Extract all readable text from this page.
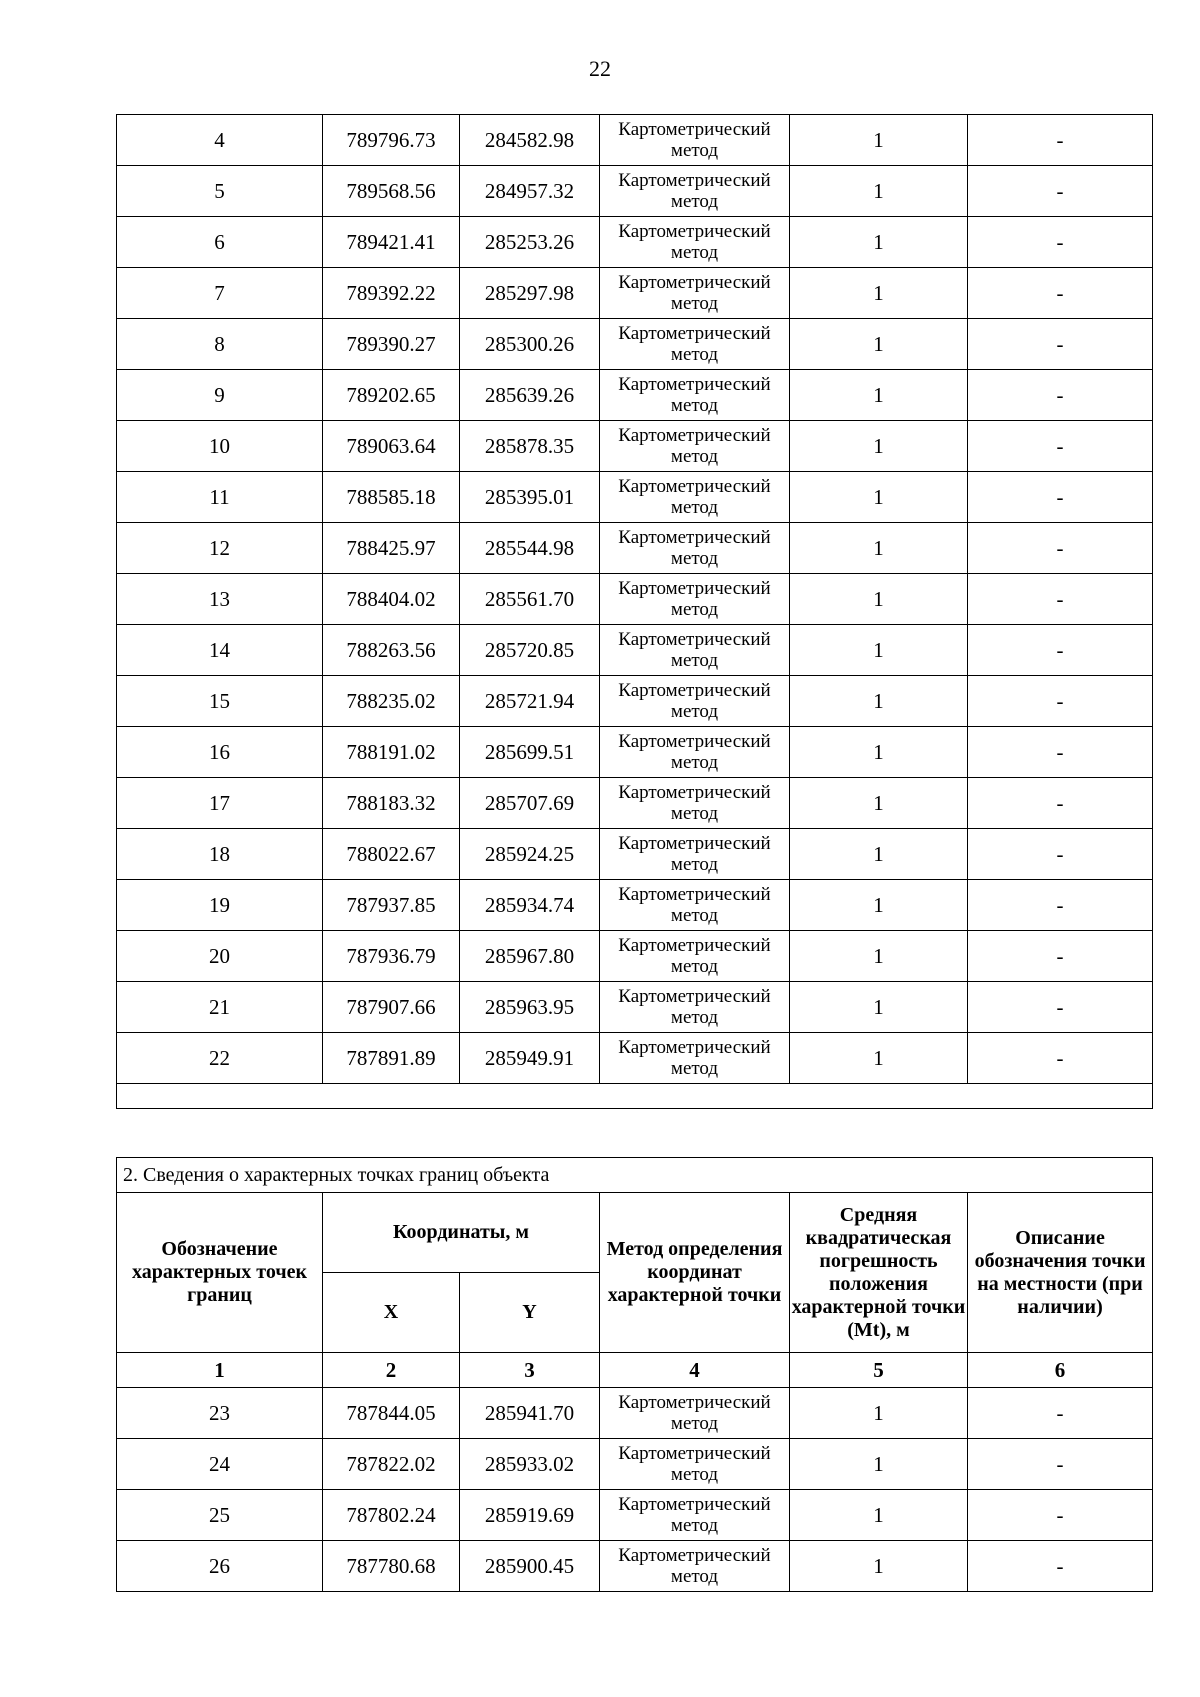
22
4	789796.73	284582.98	Картометрический метод	1	-
5	789568.56	284957.32	Картометрический метод	1	-
6	789421.41	285253.26	Картометрический метод	1	-
7	789392.22	285297.98	Картометрический метод	1	-
8	789390.27	285300.26	Картометрический метод	1	-
9	789202.65	285639.26	Картометрический метод	1	-
10	789063.64	285878.35	Картометрический метод	1	-
11	788585.18	285395.01	Картометрический метод	1	-
12	788425.97	285544.98	Картометрический метод	1	-
13	788404.02	285561.70	Картометрический метод	1	-
14	788263.56	285720.85	Картометрический метод	1	-
15	788235.02	285721.94	Картометрический метод	1	-
16	788191.02	285699.51	Картометрический метод	1	-
17	788183.32	285707.69	Картометрический метод	1	-
18	788022.67	285924.25	Картометрический метод	1	-
19	787937.85	285934.74	Картометрический метод	1	-
20	787936.79	285967.80	Картометрический метод	1	-
21	787907.66	285963.95	Картометрический метод	1	-
22	787891.89	285949.91	Картометрический метод	1	-

2. Сведения о характерных точках границ объекта					
Обозначение характерных точек границ	Координаты, м		Метод определения координат характерной точки	Средняя квадратическая погрешность положения характерной точки (Mt), м	Описание обозначения точки на местности (при наличии)
	X	Y			
1	2	3	4	5	6
23	787844.05	285941.70	Картометрический метод	1	-
24	787822.02	285933.02	Картометрический метод	1	-
25	787802.24	285919.69	Картометрический метод	1	-
26	787780.68	285900.45	Картометрический метод	1	-
